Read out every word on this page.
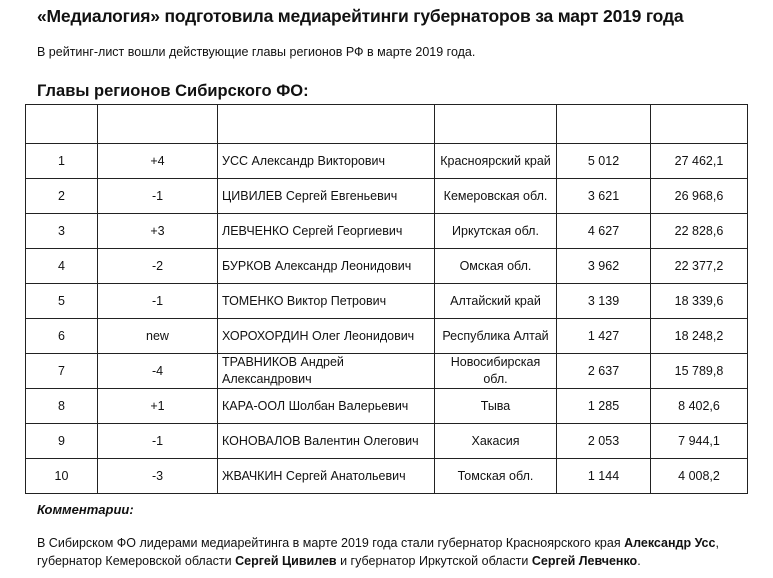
«Медиалогия» подготовила медиарейтинги губернаторов за март 2019 года
В рейтинг-лист вошли действующие главы регионов РФ в марте 2019 года.
Главы регионов Сибирского ФО:

1	+4	УСС Александр Викторович	Красноярский край	5 012	27 462,1
2	-1	ЦИВИЛЕВ Сергей Евгеньевич	Кемеровская обл.	3 621	26 968,6
3	+3	ЛЕВЧЕНКО Сергей Георгиевич	Иркутская обл.	4 627	22 828,6
4	-2	БУРКОВ Александр Леонидович	Омская обл.	3 962	22 377,2
5	-1	ТОМЕНКО Виктор Петрович	Алтайский край	3 139	18 339,6
6	new	ХОРОХОРДИН Олег Леонидович	Республика Алтай	1 427	18 248,2
7	-4	ТРАВНИКОВ Андрей Александрович	Новосибирская обл.	2 637	15 789,8
8	+1	КАРА-ООЛ Шолбан Валерьевич	Тыва	1 285	8 402,6
9	-1	КОНОВАЛОВ Валентин Олегович	Хакасия	2 053	7 944,1
10	-3	ЖВАЧКИН Сергей Анатольевич	Томская обл.	1 144	4 008,2
Комментарии:
В Сибирском ФО лидерами медиарейтинга в марте 2019 года стали губернатор Красноярского края Александр Усс, губернатор Кемеровской области Сергей Цивилев и губернатор Иркутской области Сергей Левченко.
